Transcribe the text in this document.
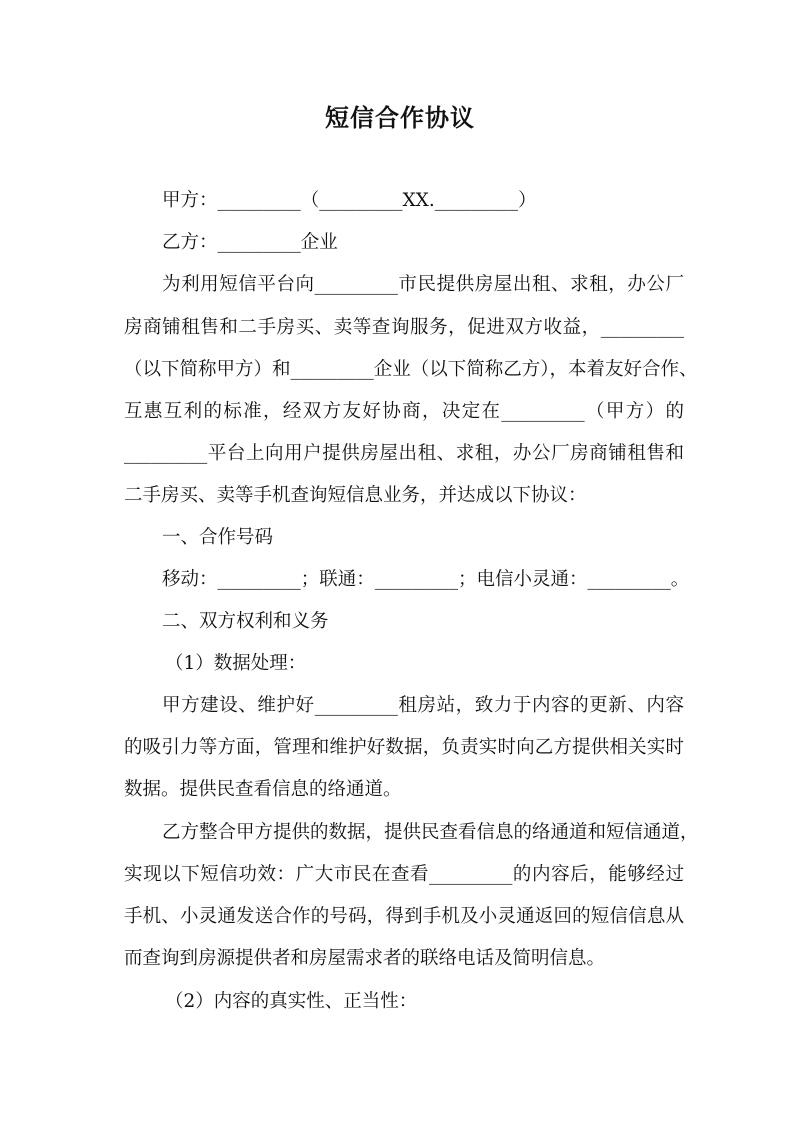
短信合作协议

甲方：_________（_________XX._________）

乙方：_________企业

为利用短信平台向_________市民提供房屋出租、求租，办公厂

房商铺租售和二手房买、卖等查询服务，促进双方收益，_________

（以下简称甲方）和_________企业（以下简称乙方），本着友好合作、

互惠互利的标准，经双方友好协商，决定在_________（甲方）的

_________平台上向用户提供房屋出租、求租，办公厂房商铺租售和

二手房买、卖等手机查询短信息业务，并达成以下协议：

一、合作号码

移动：_________；联通：_________；电信小灵通：_________。

二、双方权利和义务

（1）数据处理：

甲方建设、维护好_________租房站，致力于内容的更新、内容

的吸引力等方面，管理和维护好数据，负责实时向乙方提供相关实时

数据。提供民查看信息的络通道。

乙方整合甲方提供的数据，提供民查看信息的络通道和短信通道，

实现以下短信功效：广大市民在查看_________的内容后，能够经过

手机、小灵通发送合作的号码，得到手机及小灵通返回的短信信息从

而查询到房源提供者和房屋需求者的联络电话及简明信息。

（2）内容的真实性、正当性：
